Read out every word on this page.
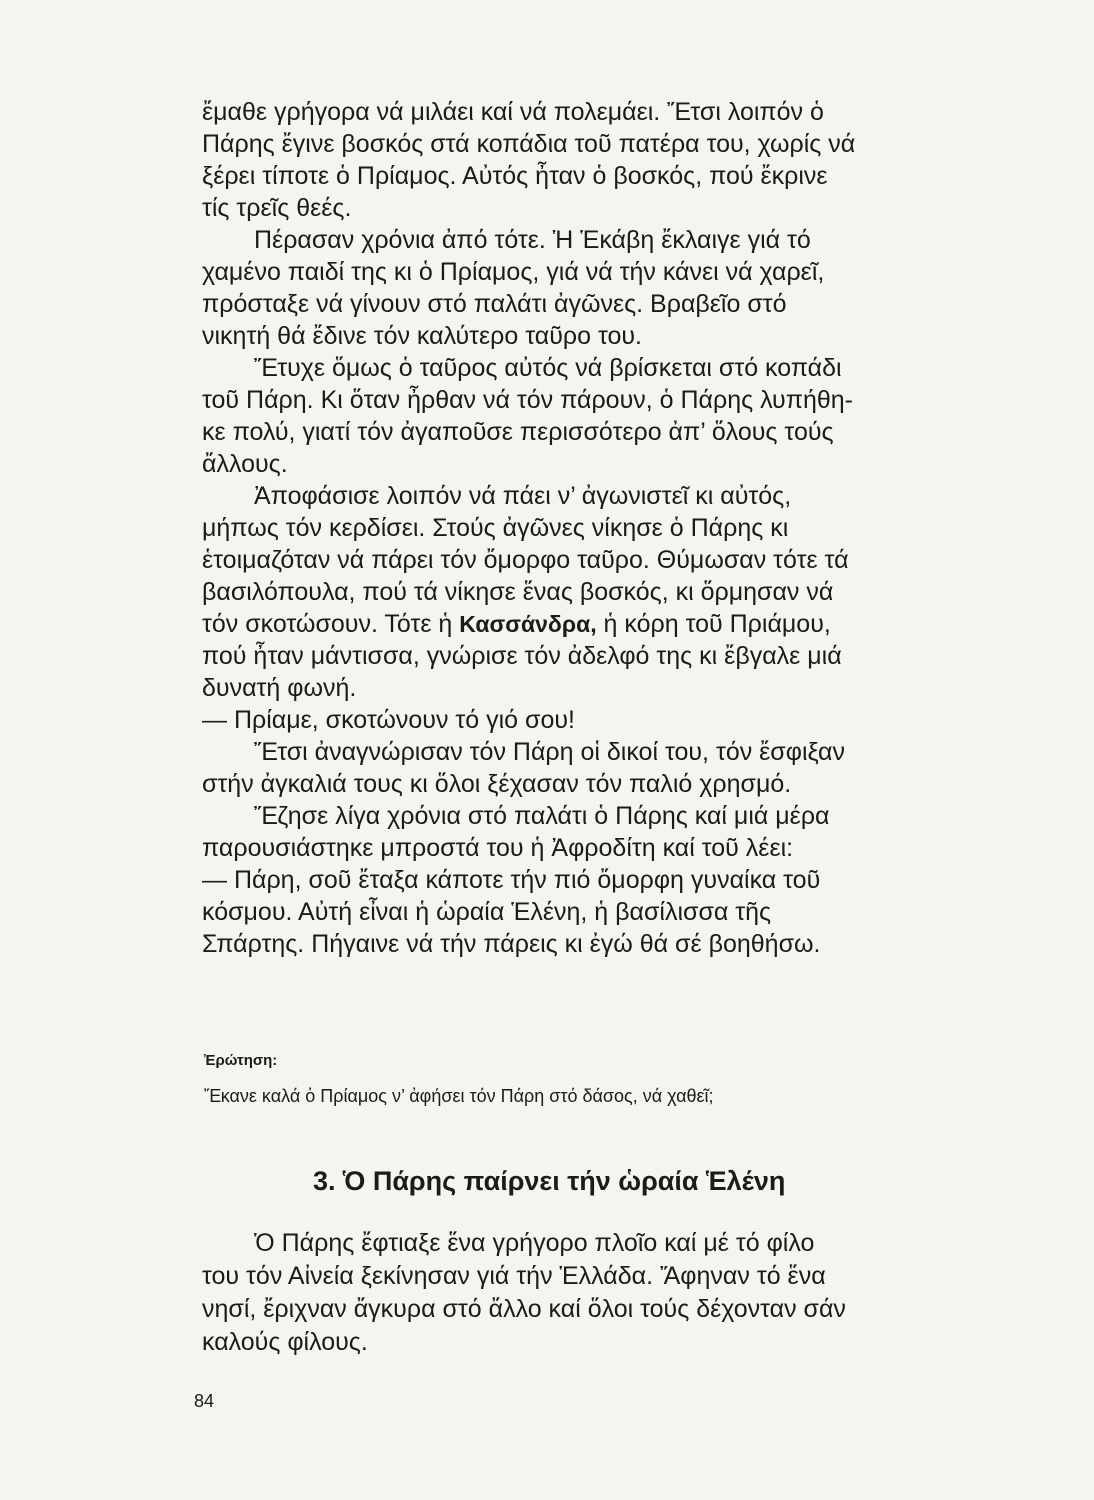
ἔμαθε γρήγορα νά μιλάει καί νά πολεμάει. Ἔτσι λοιπόν ὁ
Πάρης ἔγινε βοσκός στά κοπάδια τοῦ πατέρα του, χωρίς νά
ξέρει τίποτε ὁ Πρίαμος. Αὐτός ἦταν ὁ βοσκός, πού ἔκρινε
τίς τρεῖς θεές.

Πέρασαν χρόνια ἀπό τότε. Ἡ Ἑκάβη ἔκλαιγε γιά τό
χαμένο παιδί της κι ὁ Πρίαμος, γιά νά τήν κάνει νά χαρεῖ,
πρόσταξε νά γίνουν στό παλάτι ἀγῶνες. Βραβεῖο στό
νικητή θά ἔδινε τόν καλύτερο ταῦρο του.

Ἔτυχε ὅμως ὁ ταῦρος αὐτός νά βρίσκεται στό κοπάδι
τοῦ Πάρη. Κι ὅταν ἦρθαν νά τόν πάρουν, ὁ Πάρης λυπήθη-
κε πολύ, γιατί τόν ἀγαποῦσε περισσότερο ἀπ’ ὅλους τούς
ἄλλους.

Ἀποφάσισε λοιπόν νά πάει ν’ ἀγωνιστεῖ κι αὐτός,
μήπως τόν κερδίσει. Στούς ἀγῶνες νίκησε ὁ Πάρης κι
ἑτοιμαζόταν νά πάρει τόν ὄμορφο ταῦρο. Θύμωσαν τότε τά
βασιλόπουλα, πού τά νίκησε ἕνας βοσκός, κι ὅρμησαν νά
τόν σκοτώσουν. Τότε ἡ Κασσάνδρα, ἡ κόρη τοῦ Πριάμου,
πού ἦταν μάντισσα, γνώρισε τόν ἀδελφό της κι ἔβγαλε μιά
δυνατή φωνή.

— Πρίαμε, σκοτώνουν τό γιό σου!

Ἔτσι ἀναγνώρισαν τόν Πάρη οἱ δικοί του, τόν ἔσφιξαν
στήν ἀγκαλιά τους κι ὅλοι ξέχασαν τόν παλιό χρησμό.

Ἔζησε λίγα χρόνια στό παλάτι ὁ Πάρης καί μιά μέρα
παρουσιάστηκε μπροστά του ἡ Ἀφροδίτη καί τοῦ λέει:

— Πάρη, σοῦ ἔταξα κάποτε τήν πιό ὄμορφη γυναίκα τοῦ
κόσμου. Αὐτή εἶναι ἡ ὡραία Ἑλένη, ἡ βασίλισσα τῆς
Σπάρτης. Πήγαινε νά τήν πάρεις κι ἐγώ θά σέ βοηθήσω.

Ἐρώτηση:
Ἔκανε καλά ὁ Πρίαμος ν’ ἀφήσει τόν Πάρη στό δάσος, νά χαθεῖ;
3. Ὁ Πάρης παίρνει τήν ὡραία Ἑλένη
Ὁ Πάρης ἔφτιαξε ἕνα γρήγορο πλοῖο καί μέ τό φίλο
του τόν Αἰνεία ξεκίνησαν γιά τήν Ἑλλάδα. Ἄφηναν τό ἕνα
νησί, ἔριχναν ἄγκυρα στό ἄλλο καί ὅλοι τούς δέχονταν σάν
καλούς φίλους.
84
